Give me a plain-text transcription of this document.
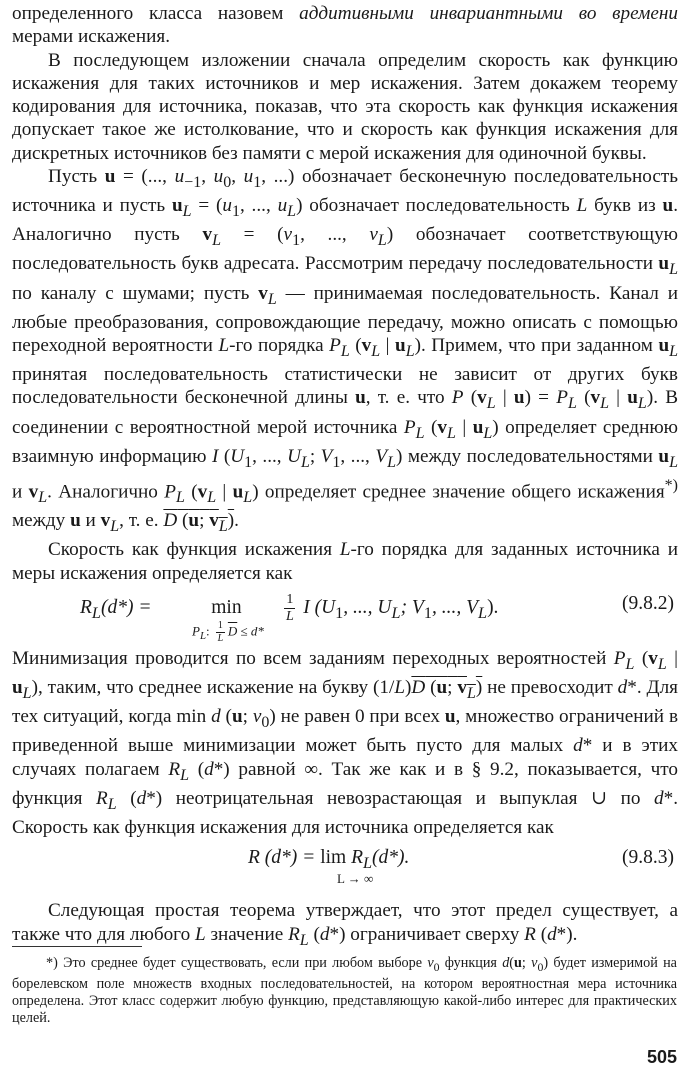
определенного класса назовем аддитивными инвариантными во времени мерами искажения.

В последующем изложении сначала определим скорость как функцию искажения для таких источников и мер искажения. Затем докажем теорему кодирования для источника, показав, что эта скорость как функция искажения допускает такое же истолкование, что и скорость как функция искажения для дискретных источников без памяти с мерой искажения для одиночной буквы.

Пусть u = (..., $u_{-1}$, $u_0$, $u_1$, ...) обозначает бесконечную последовательность источника и пусть $u_L = (u_1$, ..., $u_L$) обозначает последовательность L букв из u. Аналогично пусть $v_L = (v_1$, ..., $v_L$) обозначает соответствующую последовательность букв адресата. Рассмотрим передачу последовательности $u_L$ по каналу с шумами; пусть $v_L$ — принимаемая последовательность. Канал и любые преобразования, сопровождающие передачу, можно описать с помощью переходной вероятности L-го порядка $P_L$ ($v_L$ | $u_L$). Примем, что при заданном $u_L$ принятая последовательность статистически не зависит от других букв последовательности бесконечной длины u, т. е. что P ($v_L$ | $u) = P_L$ ($v_L$ | $u_L$). В соединении с вероятностной мерой источника $P_L$ ($v_L$ | $u_L$) определяет среднюю взаимную информацию I ($U_1$, ..., $U_L$; $V_1$, ..., $V_L$) между последовательностями $u_L$ и $v_L$. Аналогично $P_L$ ($v_L$ | $u_L$) определяет среднее значение общего искажения*) между u и $v_L$, т. е. D (u; $v_L$).

Скорость как функция искажения L-го порядка для заданных источника и меры искажения определяется как

$R_L(d*)$ =	min	$\frac{1}{L}$ I ($U_1$, ..., $U_L$; $V_1$, ..., $V_L$).
$P_L$: $\frac{1}{L} \overline{D} \le d*$
(9.8.2)

Минимизация проводится по всем заданиям переходных вероятностей $P_L$ ($v_L$ | $u_L$), таким, что среднее искажение на букву (1/L)D (u; $v_L$) не превосходит d*. Для тех ситуаций, когда min d (u; $v_0$) не равен 0 при всех u, множество ограничений в приведенной выше минимизации может быть пусто для малых d* и в этих случаях полагаем $R_L$ (d*) равной ∞. Так же как и в § 9.2, показывается, что функция $R_L$ (d*) неотрицательная невозрастающая и выпуклая ∪ по d*. Скорость как функция искажения для источника определяется как

R $(d*) = \lim R_L(d*)$.
L → ∞
(9.8.3)

Следующая простая теорема утверждает, что этот предел существует, а также что для любого L значение $R_L$ (d*) ограничивает сверху R (d*).

*) Это среднее будет существовать, если при любом выборе $v_0$ функция d(u; $v_0$) будет измеримой на борелевском поле множеств входных последовательностей, на котором вероятностная мера источника определена. Этот класс содержит любую функцию, представляющую какой-либо интерес для практических целей.

505
